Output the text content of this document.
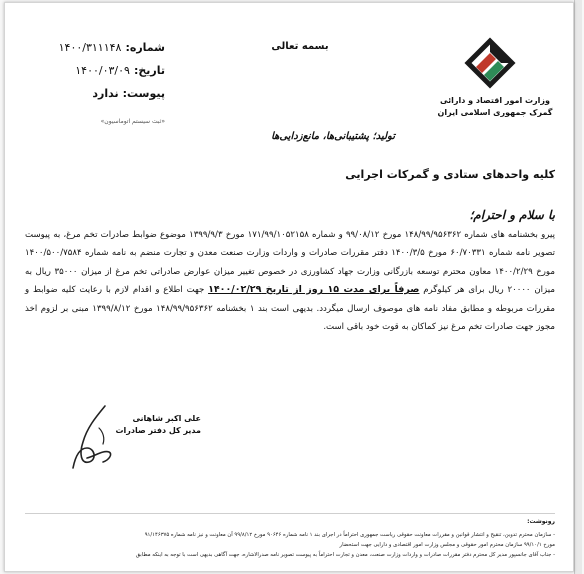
بسمه تعالی
شماره:
۱۴۰۰/۳۱۱۱۴۸
تاریخ:
۱۴۰۰/۰۳/۰۹
پیوست:
ندارد
«ثبت سیستم اتوماسیون»
وزارت امور اقتصاد و دارائی
گمرک جمهوری اسلامی ایران
تولید؛ پشتیبانی‌ها، مانع‌زدایی‌ها
کلیه واحدهای ستادی و گمرکات اجرایی
با سلام و احترام؛
پیرو بخشنامه های شماره ۱۴۸/۹۹/۹۵۶۳۶۲ مورخ ۹۹/۰۸/۱۲ و شماره ۱۷۱/۹۹/۱۰۵۲۱۵۸ مورخ ۱۳۹۹/۹/۳ موضوع ضوابط صادرات تخم مرغ، به پیوست تصویر نامه شماره ۶۰/۷۰۳۳۱ مورخ ۱۴۰۰/۳/۵ دفتر مقررات صادرات و واردات وزارت صنعت معدن و تجارت منضم به نامه شماره ۱۴۰۰/۵۰۰/۷۵۸۴ مورخ ۱۴۰۰/۲/۲۹ معاون محترم توسعه بازرگانی وزارت جهاد کشاورزی در خصوص تغییر میزان عوارض صادراتی تخم مرغ از میزان ۳۵۰۰۰ ریال به میزان ۲۰۰۰۰ ریال برای هر کیلوگرم صرفاً برای مدت ۱۵ روز از تاریخ ۱۴۰۰/۰۲/۲۹ جهت اطلاع و اقدام لازم با رعایت کلیه ضوابط و مقررات مربوطه و مطابق مفاد نامه های موصوف ارسال میگردد. بدیهی است بند ۱ بخشنامه ۱۴۸/۹۹/۹۵۶۳۶۲ مورخ ۱۳۹۹/۸/۱۲ مبنی بر لزوم اخذ مجوز جهت صادرات تخم مرغ نیز کماکان به قوت خود باقی است.
علی اکبر شاهانی
مدیر کل دفتر صادرات
رونوشت:
- سازمان محترم تدوین، تنقیح و انتشار قوانین و مقررات معاونت حقوقی ریاست جمهوری احتراماً در اجرای بند ۱ نامه شماره ۹۰۶۴۶ مورخ ۹۹/۸/۱۲ آن معاونت و نیز نامه شماره ۹۱/۱۴۶۳۷۵
مورخ ۹۹/۱۰/۱ سازمان محترم امور حقوقی و مجلس وزارت امور اقتصادی و دارایی جهت استحضار
- جناب آقای جانسپور مدیر کل محترم دفتر مقررات صادرات و واردات وزارت صنعت، معدن و تجارت احتراماً به پیوست تصویر نامه صدرالاشاره، جهت آگاهی بدیهی است با توجه به اینکه مطابق
